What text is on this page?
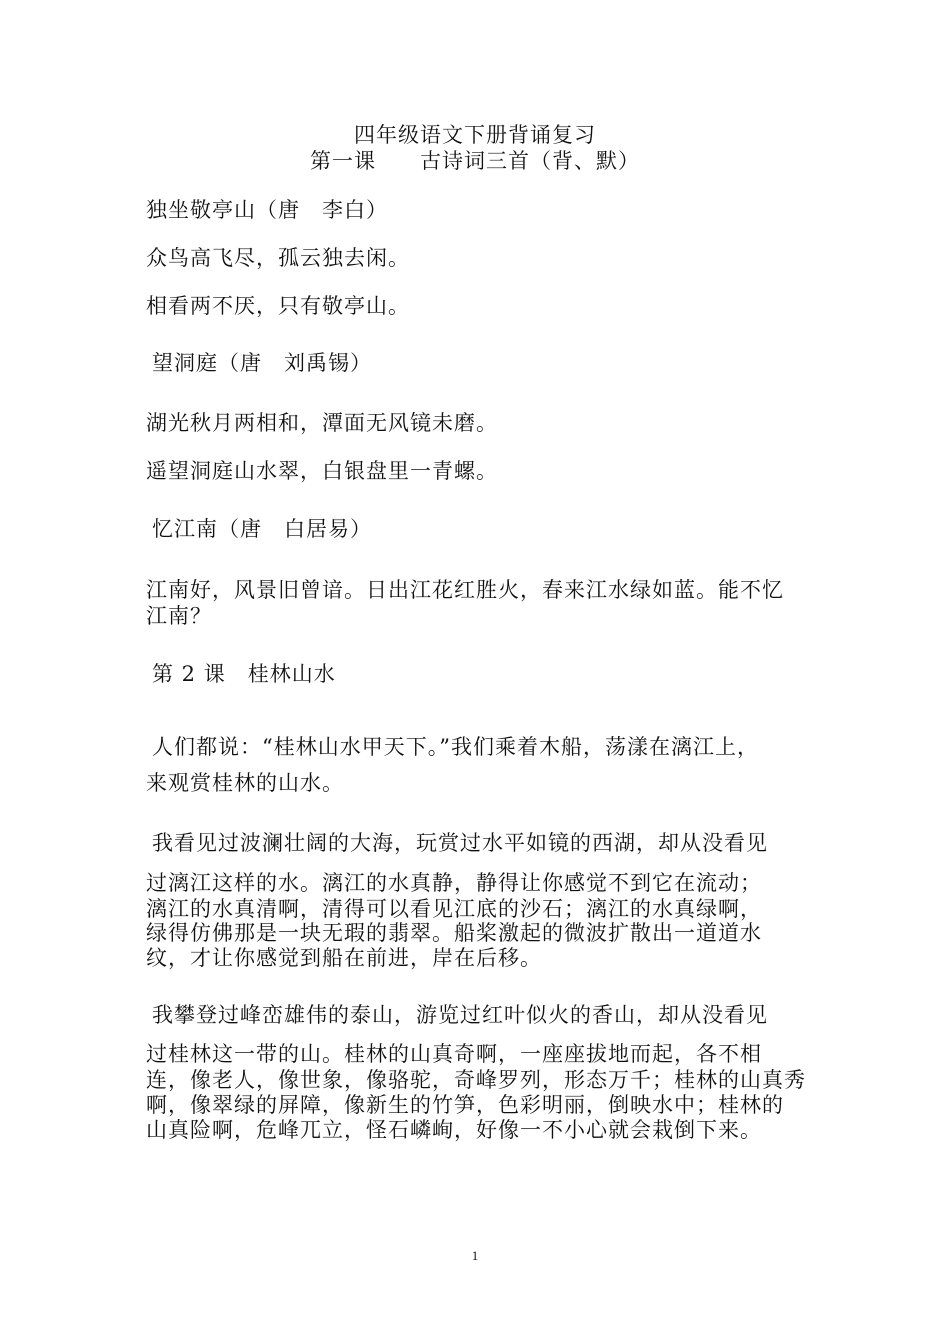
四年级语文下册背诵复习
第一课　　古诗词三首（背、默）
独坐敬亭山（唐　李白）
众鸟高飞尽，孤云独去闲。
相看两不厌，只有敬亭山。
望洞庭（唐　刘禹锡）
湖光秋月两相和，潭面无风镜未磨。
遥望洞庭山水翠，白银盘里一青螺。
忆江南（唐　白居易）
江南好，风景旧曾谙。日出江花红胜火，春来江水绿如蓝。能不忆
江南？
第 2 课　桂林山水
人们都说：“桂林山水甲天下。”我们乘着木船，荡漾在漓江上，
来观赏桂林的山水。
我看见过波澜壮阔的大海，玩赏过水平如镜的西湖，却从没看见
过漓江这样的水。漓江的水真静，静得让你感觉不到它在流动；
漓江的水真清啊，清得可以看见江底的沙石；漓江的水真绿啊，
绿得仿佛那是一块无瑕的翡翠。船桨激起的微波扩散出一道道水
纹，才让你感觉到船在前进，岸在后移。
我攀登过峰峦雄伟的泰山，游览过红叶似火的香山，却从没看见
过桂林这一带的山。桂林的山真奇啊，一座座拔地而起，各不相
连，像老人，像世象，像骆驼，奇峰罗列，形态万千；桂林的山真秀
啊，像翠绿的屏障，像新生的竹笋，色彩明丽，倒映水中；桂林的
山真险啊，危峰兀立，怪石嶙峋，好像一不小心就会栽倒下来。
1
